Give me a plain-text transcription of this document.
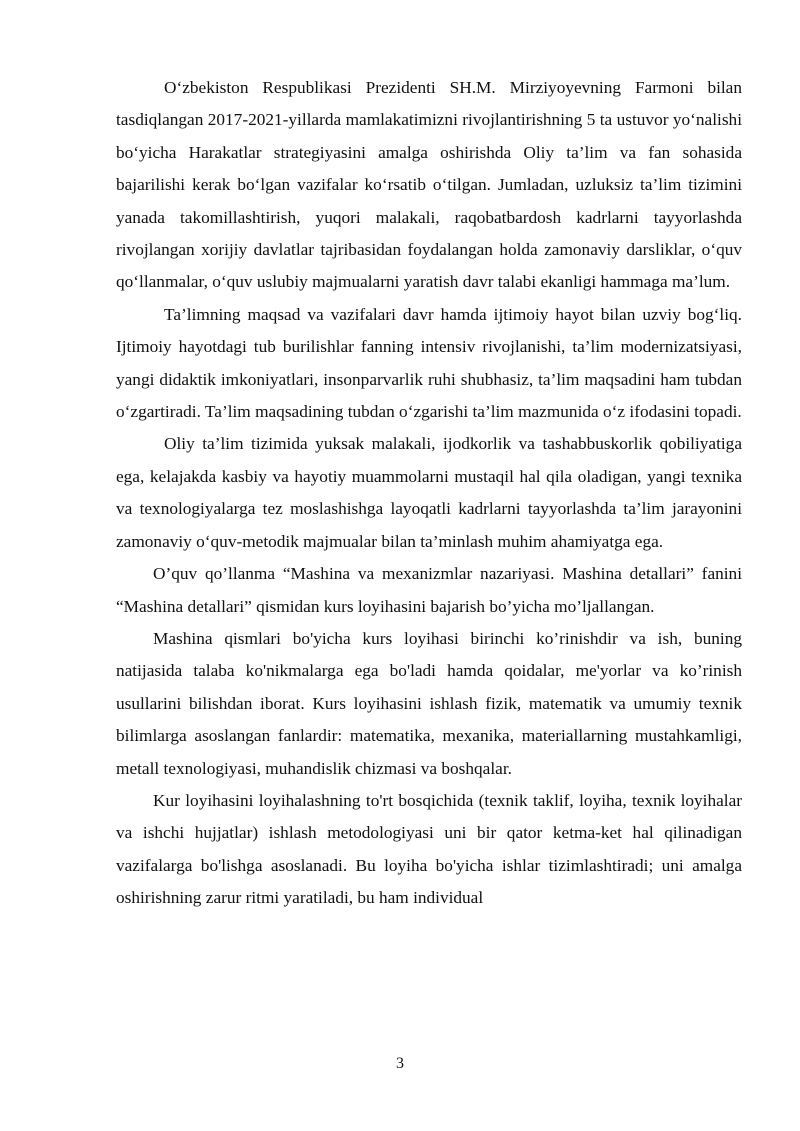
O‘zbekiston Respublikasi Prezidenti SH.M. Mirziyoyevning Farmoni bilan tasdiqlangan 2017-2021-yillarda mamlakatimizni rivojlantirishning 5 ta ustuvor yo‘nalishi bo‘yicha Harakatlar strategiyasini amalga oshirishda Oliy ta’lim va fan sohasida bajarilishi kerak bo‘lgan vazifalar ko‘rsatib o‘tilgan. Jumladan, uzluksiz ta’lim tizimini yanada takomillashtirish, yuqori malakali, raqobatbardosh kadrlarni tayyorlashda rivojlangan xorijiy davlatlar tajribasidan foydalangan holda zamonaviy darsliklar, o‘quv qo‘llanmalar, o‘quv uslubiy majmualarni yaratish davr talabi ekanligi hammaga ma’lum.

Ta’limning maqsad va vazifalari davr hamda ijtimoiy hayot bilan uzviy bog‘liq. Ijtimoiy hayotdagi tub burilishlar fanning intensiv rivojlanishi, ta’lim modernizatsiyasi, yangi didaktik imkoniyatlari, insonparvarlik ruhi shubhasiz, ta’lim maqsadini ham tubdan o‘zgartiradi. Ta’lim maqsadining tubdan o‘zgarishi ta’lim mazmunida o‘z ifodasini topadi.

Oliy ta’lim tizimida yuksak malakali, ijodkorlik va tashabbuskorlik qobiliyatiga ega, kelajakda kasbiy va hayotiy muammolarni mustaqil hal qila oladigan, yangi texnika va texnologiyalarga tez moslashishga layoqatli kadrlarni tayyorlashda ta’lim jarayonini zamonaviy o‘quv-metodik majmualar bilan ta’minlash muhim ahamiyatga ega.

O’quv qo’llanma “Mashina va mexanizmlar nazariyasi. Mashina detallari” fanini “Mashina detallari” qismidan kurs loyihasini bajarish bo’yicha mo’ljallangan.

Mashina qismlari bo'yicha kurs loyihasi birinchi ko’rinishdir va ish, buning natijasida talaba ko'nikmalarga ega bo'ladi hamda qoidalar, me'yorlar va ko’rinish usullarini bilishdan iborat. Kurs loyihasini ishlash fizik, matematik va umumiy texnik bilimlarga asoslangan fanlardir: matematika, mexanika, materiallarning mustahkamligi, metall texnologiyasi, muhandislik chizmasi va boshqalar.

Kur loyihasini loyihalashning to'rt bosqichida (texnik taklif, loyiha, texnik loyihalar va ishchi hujjatlar) ishlash metodologiyasi uni bir qator ketma-ket hal qilinadigan vazifalarga bo'lishga asoslanadi. Bu loyiha bo'yicha ishlar tizimlashtiradi; uni amalga oshirishning zarur ritmi yaratiladi, bu ham individual

3
